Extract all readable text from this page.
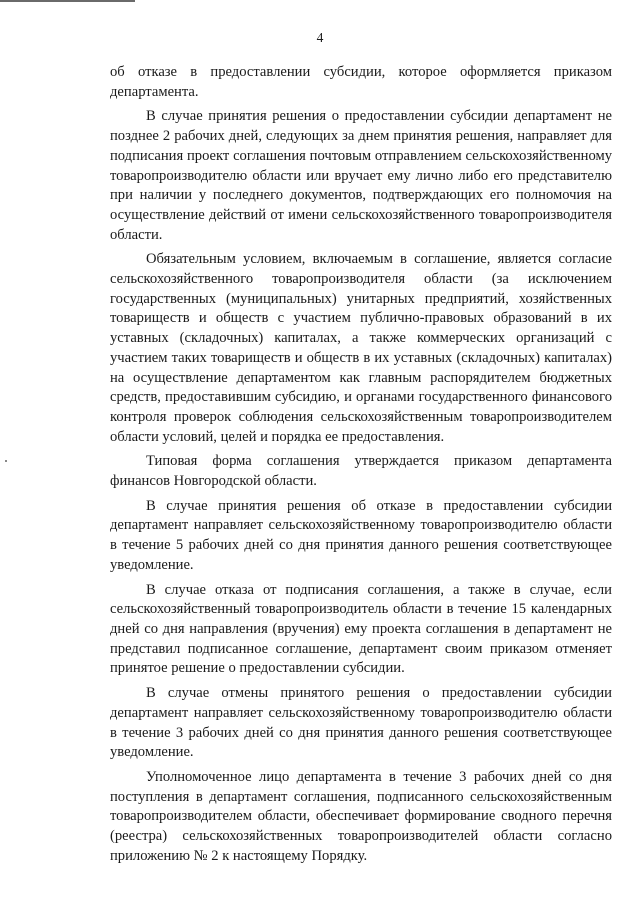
4

об отказе в предоставлении субсидии, которое оформляется приказом департамента.

В случае принятия решения о предоставлении субсидии департамент не позднее 2 рабочих дней, следующих за днем принятия решения, направляет для подписания проект соглашения почтовым отправлением сельскохозяйственному товаропроизводителю области или вручает ему лично либо его представителю при наличии у последнего документов, подтверждающих его полномочия на осуществление действий от имени сельскохозяйственного товаропроизводителя области.

Обязательным условием, включаемым в соглашение, является согласие сельскохозяйственного товаропроизводителя области (за исключением государственных (муниципальных) унитарных предприятий, хозяйственных товариществ и обществ с участием публично-правовых образований в их уставных (складочных) капиталах, а также коммерческих организаций с участием таких товариществ и обществ в их уставных (складочных) капиталах) на осуществление департаментом как главным распорядителем бюджетных средств, предоставившим субсидию, и органами государственного финансового контроля проверок соблюдения сельскохозяйственным товаропроизводителем области условий, целей и порядка ее предоставления.

Типовая форма соглашения утверждается приказом департамента финансов Новгородской области.

В случае принятия решения об отказе в предоставлении субсидии департамент направляет сельскохозяйственному товаропроизводителю области в течение 5 рабочих дней со дня принятия данного решения соответствующее уведомление.

В случае отказа от подписания соглашения, а также в случае, если сельскохозяйственный товаропроизводитель области в течение 15 календарных дней со дня направления (вручения) ему проекта соглашения в департамент не представил подписанное соглашение, департамент своим приказом отменяет принятое решение о предоставлении субсидии.

В случае отмены принятого решения о предоставлении субсидии департамент направляет сельскохозяйственному товаропроизводителю области в течение 3 рабочих дней со дня принятия данного решения соответствующее уведомление.

Уполномоченное лицо департамента в течение 3 рабочих дней со дня поступления в департамент соглашения, подписанного сельскохозяйственным товаропроизводителем области, обеспечивает формирование сводного перечня (реестра) сельскохозяйственных товаропроизводителей области согласно приложению № 2 к настоящему Порядку.
